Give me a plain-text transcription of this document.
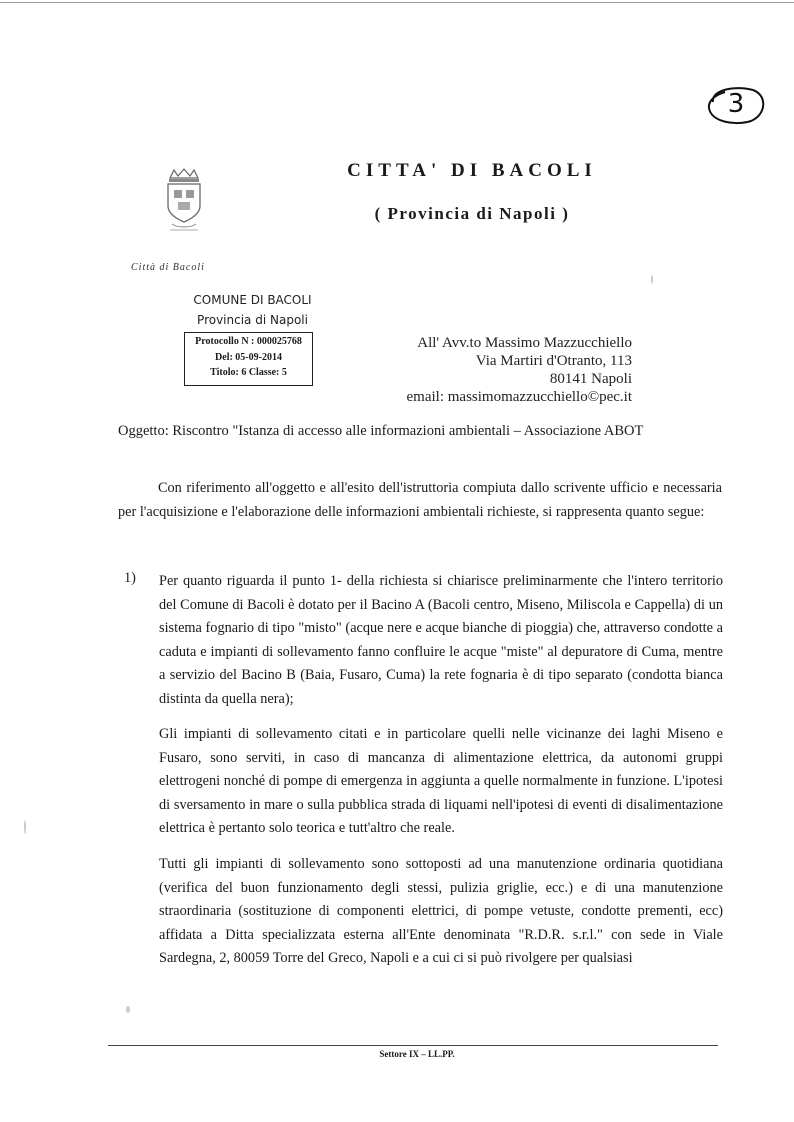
3
Città di Bacoli
CITTA' DI BACOLI
( Provincia di Napoli )
COMUNE DI BACOLI
Provincia di Napoli
Protocollo N : 000025768
Del: 05-09-2014
Titolo: 6 Classe: 5
All' Avv.to Massimo Mazzucchiello
Via Martiri d'Otranto, 113
80141 Napoli
email: massimomazzucchiello©pec.it
Oggetto: Riscontro "Istanza di accesso alle informazioni ambientali – Associazione ABOT
Con riferimento all'oggetto e all'esito dell'istruttoria compiuta dallo scrivente ufficio e necessaria per l'acquisizione e l'elaborazione delle informazioni ambientali richieste, si rappresenta quanto segue:
1) Per quanto riguarda il punto 1- della richiesta si chiarisce preliminarmente che l'intero territorio del Comune di Bacoli è dotato per il Bacino A (Bacoli centro, Miseno, Miliscola e Cappella) di un sistema fognario di tipo "misto" (acque nere e acque bianche di pioggia) che, attraverso condotte a caduta e impianti di sollevamento fanno confluire le acque "miste" al depuratore di Cuma, mentre a servizio del Bacino B (Baia, Fusaro, Cuma) la rete fognaria è di tipo separato (condotta bianca distinta da quella nera);
Gli impianti di sollevamento citati e in particolare quelli nelle vicinanze dei laghi Miseno e Fusaro, sono serviti, in caso di mancanza di alimentazione elettrica, da autonomi gruppi elettrogeni nonché di pompe di emergenza in aggiunta a quelle normalmente in funzione. L'ipotesi di sversamento in mare o sulla pubblica strada di liquami nell'ipotesi di eventi di disalimentazione elettrica è pertanto solo teorica e tutt'altro che reale.
Tutti gli impianti di sollevamento sono sottoposti ad una manutenzione ordinaria quotidiana (verifica del buon funzionamento degli stessi, pulizia griglie, ecc.) e di una manutenzione straordinaria (sostituzione di componenti elettrici, di pompe vetuste, condotte prementi, ecc) affidata a Ditta specializzata esterna all'Ente denominata "R.D.R. s.r.l." con sede in Viale Sardegna, 2, 80059 Torre del Greco, Napoli e a cui ci si può rivolgere per qualsiasi
Settore IX – LL.PP.
